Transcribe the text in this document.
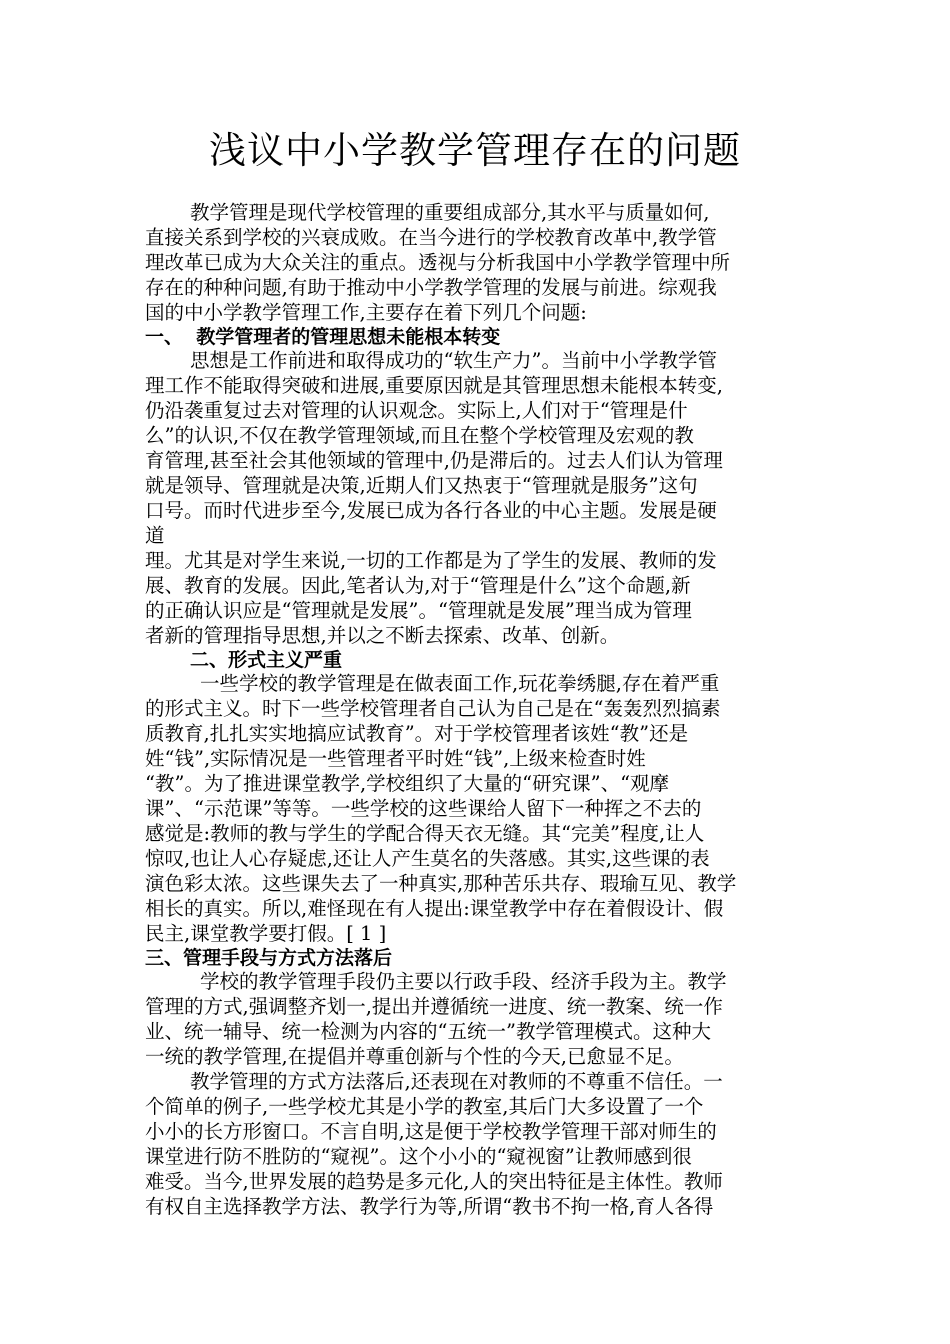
浅议中小学教学管理存在的问题

教学管理是现代学校管理的重要组成部分,其水平与质量如何,

直接关系到学校的兴衰成败。在当今进行的学校教育改革中,教学管

理改革已成为大众关注的重点。透视与分析我国中小学教学管理中所

存在的种种问题,有助于推动中小学教学管理的发展与前进。综观我

国的中小学教学管理工作,主要存在着下列几个问题:

一、  教学管理者的管理思想未能根本转变

思想是工作前进和取得成功的“软生产力”。当前中小学教学管

理工作不能取得突破和进展,重要原因就是其管理思想未能根本转变,

仍沿袭重复过去对管理的认识观念。实际上,人们对于“管理是什

么”的认识,不仅在教学管理领域,而且在整个学校管理及宏观的教

育管理,甚至社会其他领域的管理中,仍是滞后的。过去人们认为管理

就是领导、管理就是决策,近期人们又热衷于“管理就是服务”这句

口号。而时代进步至今,发展已成为各行各业的中心主题。发展是硬

道

理。尤其是对学生来说,一切的工作都是为了学生的发展、教师的发

展、教育的发展。因此,笔者认为,对于“管理是什么”这个命题,新

的正确认识应是“管理就是发展”。“管理就是发展”理当成为管理

者新的管理指导思想,并以之不断去探索、改革、创新。

二、形式主义严重

一些学校的教学管理是在做表面工作,玩花拳绣腿,存在着严重

的形式主义。时下一些学校管理者自己认为自己是在“轰轰烈烈搞素

质教育,扎扎实实地搞应试教育”。对于学校管理者该姓“教”还是

姓“钱”,实际情况是一些管理者平时姓“钱”,上级来检查时姓

“教”。为了推进课堂教学,学校组织了大量的“研究课”、“观摩

课”、“示范课”等等。一些学校的这些课给人留下一种挥之不去的

感觉是:教师的教与学生的学配合得天衣无缝。其“完美”程度,让人

惊叹,也让人心存疑虑,还让人产生莫名的失落感。其实,这些课的表

演色彩太浓。这些课失去了一种真实,那种苦乐共存、瑕瑜互见、教学

相长的真实。所以,难怪现在有人提出:课堂教学中存在着假设计、假

民主,课堂教学要打假。[ 1 ]

三、管理手段与方式方法落后

学校的教学管理手段仍主要以行政手段、经济手段为主。教学

管理的方式,强调整齐划一,提出并遵循统一进度、统一教案、统一作

业、统一辅导、统一检测为内容的“五统一”教学管理模式。这种大

一统的教学管理,在提倡并尊重创新与个性的今天,已愈显不足。

教学管理的方式方法落后,还表现在对教师的不尊重不信任。一

个简单的例子,一些学校尤其是小学的教室,其后门大多设置了一个

小小的长方形窗口。不言自明,这是便于学校教学管理干部对师生的

课堂进行防不胜防的“窥视”。这个小小的“窥视窗”让教师感到很

难受。当今,世界发展的趋势是多元化,人的突出特征是主体性。教师

有权自主选择教学方法、教学行为等,所谓“教书不拘一格,育人各得
